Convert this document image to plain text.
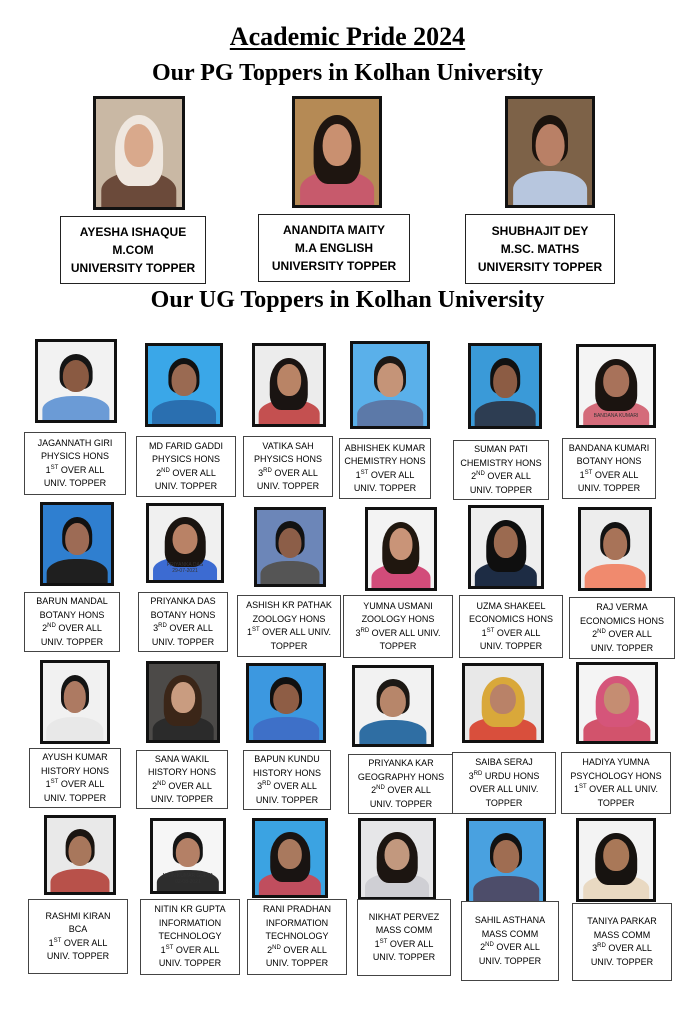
Academic Pride 2024
Our PG Toppers in Kolhan University
Our UG Toppers in Kolhan University
AYESHA ISHAQUE
M.COM
UNIVERSITY TOPPER
ANANDITA MAITY
M.A ENGLISH
UNIVERSITY TOPPER
SHUBHAJIT DEY
M.SC. MATHS
UNIVERSITY TOPPER
JAGANNATH GIRI
PHYSICS HONS
1ST OVER ALL
UNIV. TOPPER
MD FARID GADDI
PHYSICS HONS
2ND OVER ALL
UNIV. TOPPER
VATIKA SAH
PHYSICS HONS
3RD OVER ALL
UNIV. TOPPER
ABHISHEK KUMAR
CHEMISTRY HONS
1ST OVER ALL
UNIV. TOPPER
SUMAN PATI
CHEMISTRY HONS
2ND OVER ALL
UNIV. TOPPER
BANDANA KUMARI
BANDANA KUMARI
BOTANY HONS
1ST OVER ALL
UNIV. TOPPER
BARUN MANDAL
BOTANY HONS
2ND OVER ALL
UNIV. TOPPER
PRIYANKA DAS
29-07-2021
PRIYANKA DAS
BOTANY HONS
3RD OVER ALL
UNIV. TOPPER
ASHISH KR PATHAK
ZOOLOGY HONS
1ST OVER ALL UNIV.
TOPPER
YUMNA USMANI
ZOOLOGY HONS
3RD OVER ALL UNIV.
TOPPER
UZMA SHAKEEL
ECONOMICS HONS
1ST OVER ALL
UNIV. TOPPER
RAJ VERMA
ECONOMICS HONS
2ND OVER ALL
UNIV. TOPPER
AYUSH KUMAR
HISTORY HONS
1ST OVER ALL
UNIV. TOPPER
SANA WAKIL
HISTORY HONS
2ND OVER ALL
UNIV. TOPPER
BAPUN KUNDU
HISTORY HONS
3RD OVER ALL
UNIV. TOPPER
PRIYANKA KAR
GEOGRAPHY HONS
2ND OVER ALL
UNIV. TOPPER
SAIBA SERAJ
3RD URDU HONS
OVER ALL UNIV.
TOPPER
HADIYA YUMNA
PSYCHOLOGY HONS
1ST OVER ALL UNIV.
TOPPER
RASHMI KIRAN
BCA
1ST OVER ALL
UNIV. TOPPER
NITIN KUMAR GUPTA
02-08-2021
NITIN KR GUPTA
INFORMATION
TECHNOLOGY
1ST OVER ALL
UNIV. TOPPER
RANI PRADHAN
INFORMATION
TECHNOLOGY
2ND OVER ALL
UNIV. TOPPER
NIKHAT PERVEZ
MASS COMM
1ST OVER ALL
UNIV. TOPPER
SAHIL ASTHANA
MASS COMM
2ND OVER ALL
UNIV. TOPPER
TANIYA PARKAR
MASS COMM
3RD OVER ALL
UNIV. TOPPER
